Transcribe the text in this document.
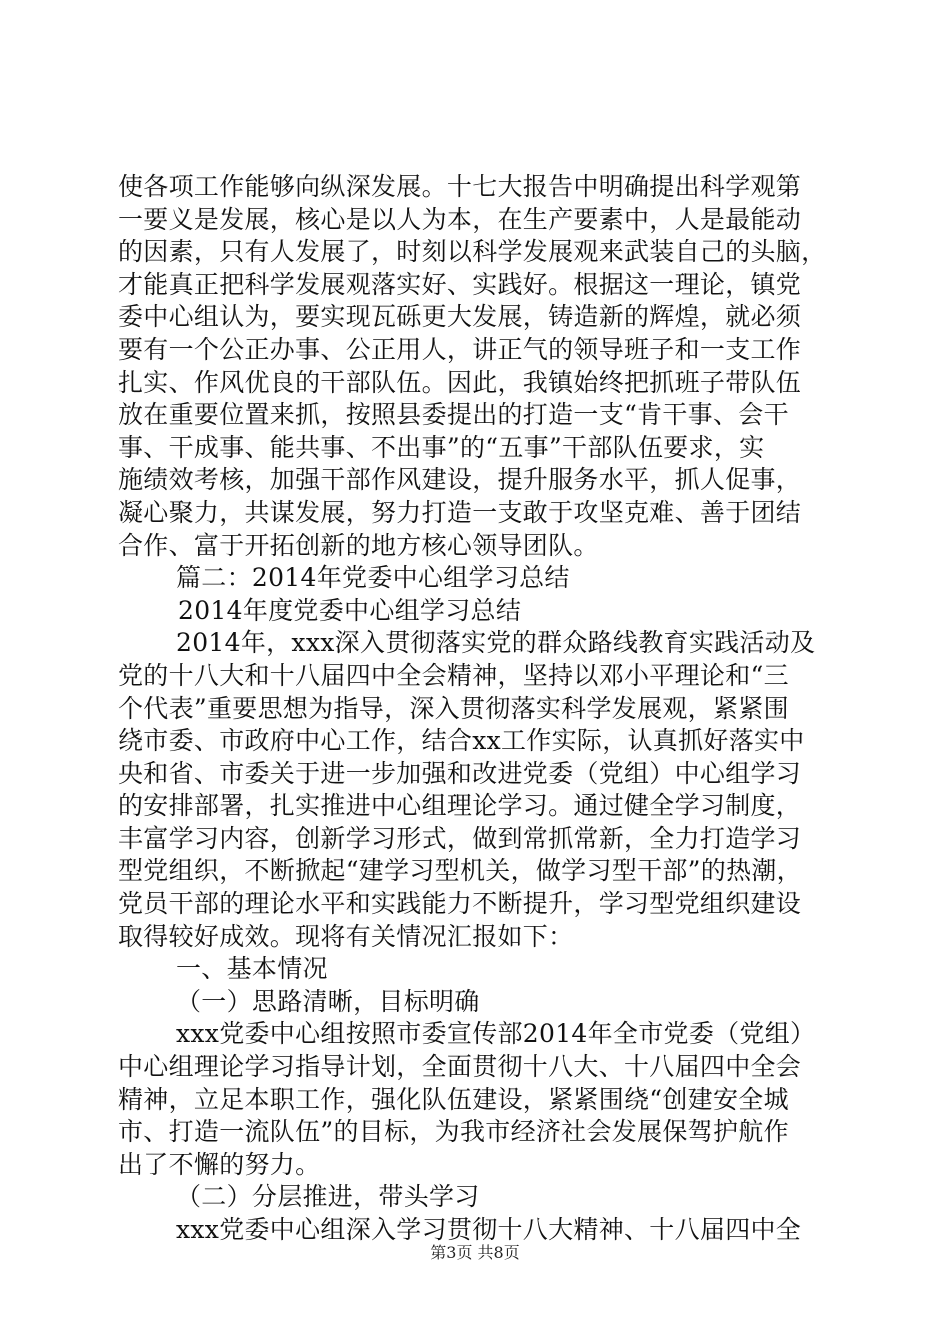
使各项工作能够向纵深发展。十七大报告中明确提出科学观第
一要义是发展，核心是以人为本，在生产要素中，人是最能动
的因素，只有人发展了，时刻以科学发展观来武装自己的头脑，
才能真正把科学发展观落实好、实践好。根据这一理论，镇党
委中心组认为，要实现瓦砾更大发展，铸造新的辉煌，就必须
要有一个公正办事、公正用人，讲正气的领导班子和一支工作
扎实、作风优良的干部队伍。因此，我镇始终把抓班子带队伍
放在重要位置来抓，按照县委提出的打造一支“肯干事、会干
事、干成事、能共事、不出事”的“五事”干部队伍要求，实
施绩效考核，加强干部作风建设，提升服务水平，抓人促事，
凝心聚力，共谋发展，努力打造一支敢于攻坚克难、善于团结
合作、富于开拓创新的地方核心领导团队。
篇二：2014年党委中心组学习总结
2014年度党委中心组学习总结
2014年，xxx深入贯彻落实党的群众路线教育实践活动及
党的十八大和十八届四中全会精神，坚持以邓小平理论和“三
个代表”重要思想为指导，深入贯彻落实科学发展观，紧紧围
绕市委、市政府中心工作，结合xx工作实际，认真抓好落实中
央和省、市委关于进一步加强和改进党委（党组）中心组学习
的安排部署，扎实推进中心组理论学习。通过健全学习制度，
丰富学习内容，创新学习形式，做到常抓常新，全力打造学习
型党组织，不断掀起“建学习型机关，做学习型干部”的热潮，
党员干部的理论水平和实践能力不断提升，学习型党组织建设
取得较好成效。现将有关情况汇报如下：
一、基本情况
（一）思路清晰，目标明确
xxx党委中心组按照市委宣传部2014年全市党委（党组）
中心组理论学习指导计划，全面贯彻十八大、十八届四中全会
精神，立足本职工作，强化队伍建设，紧紧围绕“创建安全城
市、打造一流队伍”的目标，为我市经济社会发展保驾护航作
出了不懈的努力。
（二）分层推进，带头学习
xxx党委中心组深入学习贯彻十八大精神、十八届四中全
第3页 共8页
